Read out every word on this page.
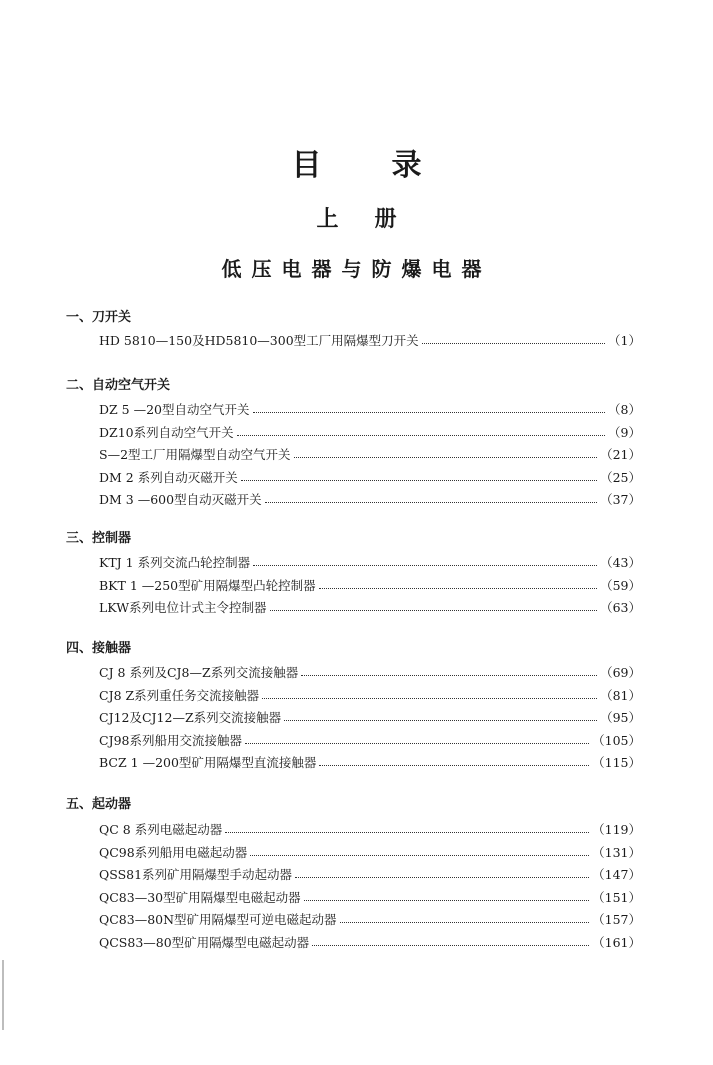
目 录
上 册
低压电器与防爆电器
一、刀开关
HD 5810—150及HD5810—300型工厂用隔爆型刀开关	（1）
二、自动空气开关
DZ 5 —20型自动空气开关	（8）
DZ10系列自动空气开关	（9）
S—2型工厂用隔爆型自动空气开关	（21）
DM 2 系列自动灭磁开关	（25）
DM 3 —600型自动灭磁开关	（37）
三、控制器
KTJ 1 系列交流凸轮控制器	（43）
BKT 1 —250型矿用隔爆型凸轮控制器	（59）
LKW系列电位计式主令控制器	（63）
四、接触器
CJ 8 系列及CJ8—Z系列交流接触器	（69）
CJ8 Z系列重任务交流接触器	（81）
CJ12及CJ12—Z系列交流接触器	（95）
CJ98系列船用交流接触器	（105）
BCZ 1 —200型矿用隔爆型直流接触器	（115）
五、起动器
QC 8 系列电磁起动器	（119）
QC98系列船用电磁起动器	（131）
QSS81系列矿用隔爆型手动起动器	（147）
QC83—30型矿用隔爆型电磁起动器	（151）
QC83—80N型矿用隔爆型可逆电磁起动器	（157）
QCS83—80型矿用隔爆型电磁起动器	（161）
